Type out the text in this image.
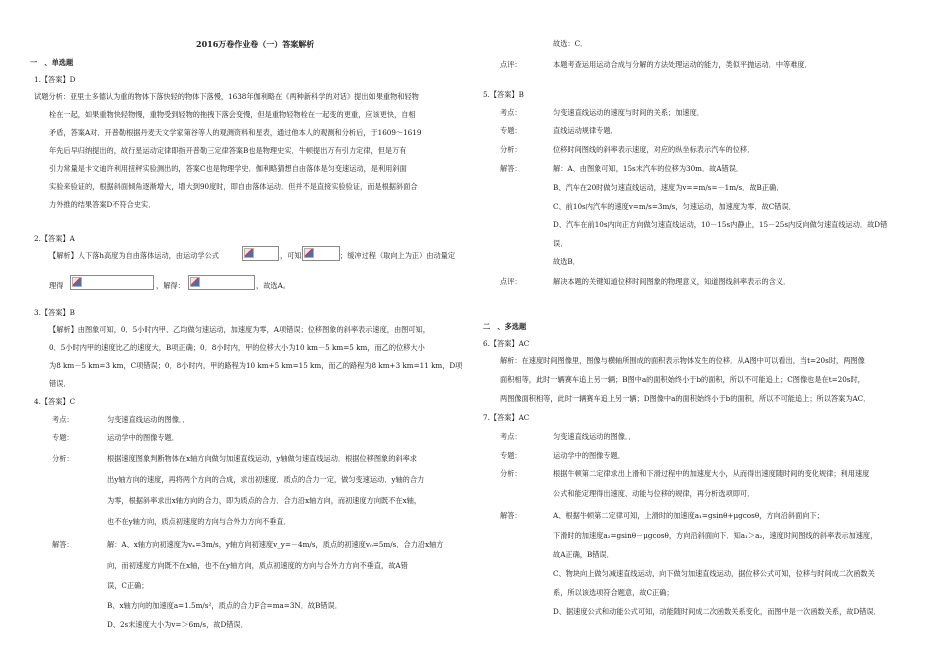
2016万卷作业卷（一）答案解析
一　、单选题
1.【答案】D
试题分析：亚里士多德认为重的物体下落快轻的物体下落慢，1638年伽利略在《两种新科学的对话》提出如果重物和轻物
栓在一起，如果重物快轻物慢，重物受到轻物的拖拽下落会变慢，但是重物轻物栓在一起变的更重，应该更快，自相
矛盾，答案A对．开普勒根据丹麦天文学家第谷等人的观测资料和星表，通过他本人的观测和分析后，于1609～1619
年先后早归纳提出的，故行星运动定律即指开普勒三定律答案B也是物理史实．牛顿提出万有引力定律，但是万有
引力常量是卡文迪许利用扭秤实验测出的，答案C也是物理学史．伽利略猜想自由落体是匀变速运动，是利用斜面
实验来验证的，根据斜面倾角逐渐增大，增大到90度时，即自由落体运动．但并不是直接实验验证，而是根据斜面合
力外推的结果答案D不符合史实．
2.【答案】A
【解析】人下落h高度为自由落体运动，由运动学公式	，可知	；缓冲过程（取向上为正）由动量定
理得	，解得：	，故选A。
3.【答案】B
【解析】由图象可知，0．5小时内甲、乙均做匀速运动，加速度为零，A项错误；位移图象的斜率表示速度，由图可知，
0．5小时内甲的速度比乙的速度大，B项正确；0．8小时内，甲的位移大小为10 km－5 km=5 km，而乙的位移大小
为8 km－5 km=3 km，C项错误；0．8小时内，甲的路程为10 km+5 km=15 km，而乙的路程为8 km+3 km=11 km，D项
错误．
4.【答案】C
考点：	匀变速直线运动的图像．．
专题：	运动学中的图像专题．
分析：	根据速度图象判断物体在x轴方向做匀加速直线运动，y轴做匀速直线运动．根据位移图象的斜率求
出y轴方向的速度，再将两个方向的合成，求出初速度．质点的合力一定，做匀变速运动．y轴的合力
为零，根据斜率求出x轴方向的合力，即为质点的合力．合力沿x轴方向，而初速度方向既不在x轴，
也不在y轴方向，质点初速度的方向与合外力方向不垂直．
解答：	解：A、x轴方向初速度为vₓ=3m/s，y轴方向初速度v_y=－4m/s，质点的初速度v₀=5m/s．合力沿x轴方
向，而初速度方向既不在x轴，也不在y轴方向，质点初速度的方向与合外力方向不垂直，故A错
误，C正确；
B、x轴方向的加速度a=1.5m/s²，质点的合力F合=ma=3N．故B错误．
D、2s末速度大小为v=＞6m/s，故D错误．
故选：C．
点评：	本题考查运用运动合成与分解的方法处理运动的能力，类似平抛运动．中等难度．
5.【答案】B
考点：	匀变速直线运动的速度与时间的关系；加速度．
专题：	直线运动规律专题．
分析：	位移时间图线的斜率表示速度，对应的纵坐标表示汽车的位移．
解答：	解：A、由图象可知，15s末汽车的位移为30m．故A错误．
B、汽车在20时做匀速直线运动，速度为v==m/s=－1m/s．故B正确．
C、前10s内汽车的速度v=m/s=3m/s，匀速运动，加速度为零．故C错误．
D、汽车在前10s内向正方向做匀速直线运动，10－15s内静止，15－25s内反向做匀速直线运动．故D错
误．
故选B．
点评：	解决本题的关键知道位移时间图象的物理意义，知道图线斜率表示的含义．
二　、多选题
6.【答案】AC
解析：在速度时间图像里，图像与横轴所围成的面积表示物体发生的位移．从A图中可以看出，当t=20s时，两图像
面积相等，此时一辆赛车追上另一辆；B图中a的面积始终小于b的面积，所以不可能追上；C图像也是在t=20s时，
两图像面积相等，此时一辆赛车追上另一辆；D图像中a的面积始终小于b的面积，所以不可能追上；所以答案为AC．
7.【答案】AC
考点：	匀变速直线运动的图像．．
专题：	运动学中的图像专题．
分析：	根据牛顿第二定律求出上滑和下滑过程中的加速度大小，从而得出速度随时间的变化规律；利用速度
公式和能定理得出速度、动能与位移的规律，再分析选项即可．
解答：	A、根据牛顿第二定律可知，上滑时的加速度a₁=gsinθ+μgcosθ，方向沿斜面向下；
下滑时的加速度a₂=gsinθ－μgcosθ，方向沿斜面向下．知a₁＞a₂，速度时间图线的斜率表示加速度，
故A正确，B错误．
C、物块向上做匀减速直线运动，向下做匀加速直线运动，据位移公式可知，位移与时间成二次函数关
系，所以该选项符合题意，故C正确；
D、据速度公式和动能公式可知，动能随时间成二次函数关系变化，而图中是一次函数关系，故D错误．
